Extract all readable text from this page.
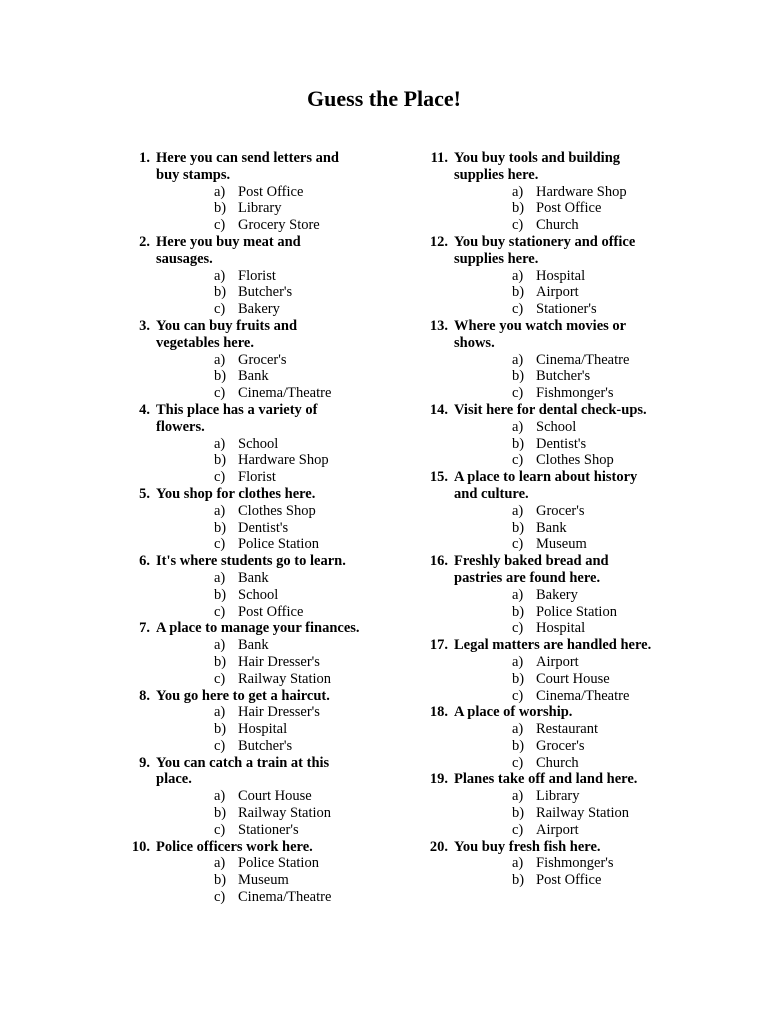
Guess the Place!
1. Here you can send letters and buy stamps.
a) Post Office
b) Library
c) Grocery Store
2. Here you buy meat and sausages.
a) Florist
b) Butcher's
c) Bakery
3. You can buy fruits and vegetables here.
a) Grocer's
b) Bank
c) Cinema/Theatre
4. This place has a variety of flowers.
a) School
b) Hardware Shop
c) Florist
5. You shop for clothes here.
a) Clothes Shop
b) Dentist's
c) Police Station
6. It's where students go to learn.
a) Bank
b) School
c) Post Office
7. A place to manage your finances.
a) Bank
b) Hair Dresser's
c) Railway Station
8. You go here to get a haircut.
a) Hair Dresser's
b) Hospital
c) Butcher's
9. You can catch a train at this place.
a) Court House
b) Railway Station
c) Stationer's
10. Police officers work here.
a) Police Station
b) Museum
c) Cinema/Theatre
11. You buy tools and building supplies here.
a) Hardware Shop
b) Post Office
c) Church
12. You buy stationery and office supplies here.
a) Hospital
b) Airport
c) Stationer's
13. Where you watch movies or shows.
a) Cinema/Theatre
b) Butcher's
c) Fishmonger's
14. Visit here for dental check-ups.
a) School
b) Dentist's
c) Clothes Shop
15. A place to learn about history and culture.
a) Grocer's
b) Bank
c) Museum
16. Freshly baked bread and pastries are found here.
a) Bakery
b) Police Station
c) Hospital
17. Legal matters are handled here.
a) Airport
b) Court House
c) Cinema/Theatre
18. A place of worship.
a) Restaurant
b) Grocer's
c) Church
19. Planes take off and land here.
a) Library
b) Railway Station
c) Airport
20. You buy fresh fish here.
a) Fishmonger's
b) Post Office
